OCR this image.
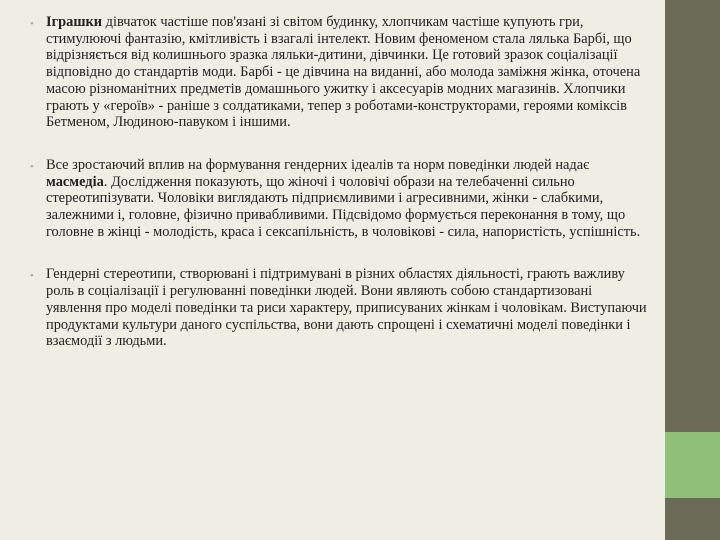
• Іграшки дівчаток частіше пов'язані зі світом будинку, хлопчикам частіше купують гри, стимулюючі фантазію, кмітливість і взагалі інтелект. Новим феноменом стала лялька Барбі, що відрізняється від колишнього зразка ляльки-дитини, дівчинки. Це готовий зразок соціалізації відповідно до стандартів моди. Барбі - це дівчина на виданні, або молода заміжня жінка, оточена масою різноманітних предметів домашнього ужитку і аксесуарів модних магазинів. Хлопчики грають у «героїв» - раніше з солдатиками, тепер з роботами-конструкторами, героями коміксів Бетменом, Людиною-павуком і іншими.
• Все зростаючий вплив на формування гендерних ідеалів та норм поведінки людей надає масмедіа. Дослідження показують, що жіночі і чоловічі образи на телебаченні сильно стереотипізувати. Чоловіки виглядають підприємливими і агресивними, жінки - слабкими, залежними і, головне, фізично привабливими. Підсвідомо формується переконання в тому, що головне в жінці - молодість, краса і сексапільність, в чоловікові - сила, напористість, успішність.
• Гендерні стереотипи, створювані і підтримувані в різних областях діяльності, грають важливу роль в соціалізації і регулюванні поведінки людей. Вони являють собою стандартизовані уявлення про моделі поведінки та риси характеру, приписуваних жінкам і чоловікам. Виступаючи продуктами культури даного суспільства, вони дають спрощені і схематичні моделі поведінки і взаємодії з людьми.
